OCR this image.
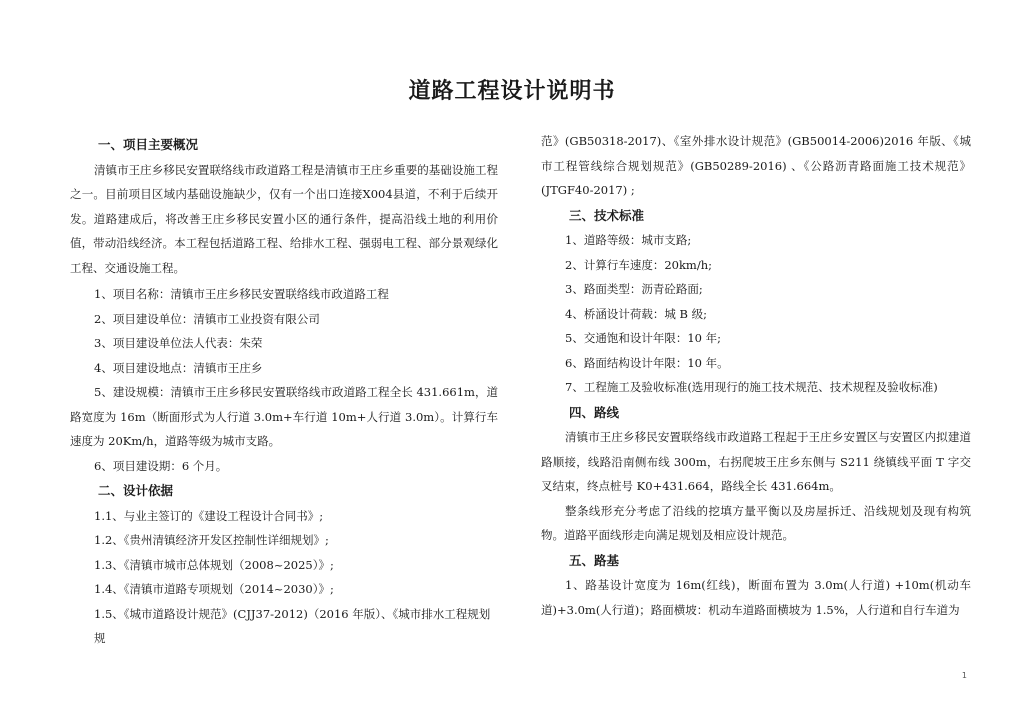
道路工程设计说明书
一、项目主要概况
清镇市王庄乡移民安置联络线市政道路工程是清镇市王庄乡重要的基础设施工程之一。目前项目区域内基础设施缺少，仅有一个出口连接X004县道，不利于后续开发。道路建成后，将改善王庄乡移民安置小区的通行条件，提高沿线土地的利用价值，带动沿线经济。本工程包括道路工程、给排水工程、强弱电工程、部分景观绿化工程、交通设施工程。
1、项目名称：清镇市王庄乡移民安置联络线市政道路工程
2、项目建设单位：清镇市工业投资有限公司
3、项目建设单位法人代表：朱荣
4、项目建设地点：清镇市王庄乡
5、建设规模：清镇市王庄乡移民安置联络线市政道路工程全长 431.661m，道路宽度为 16m（断面形式为人行道 3.0m+车行道 10m+人行道 3.0m）。计算行车速度为 20Km/h，道路等级为城市支路。
6、项目建设期：6 个月。
二、设计依据
1.1、与业主签订的《建设工程设计合同书》;
1.2、《贵州清镇经济开发区控制性详细规划》;
1.3、《清镇市城市总体规划（2008~2025）》;
1.4、《清镇市道路专项规划（2014~2030）》;
1.5、《城市道路设计规范》(CJJ37-2012)（2016 年版）、《城市排水工程规划规
范》(GB50318-2017)、《室外排水设计规范》(GB50014-2006)2016 年版、《城市工程管线综合规划规范》(GB50289-2016) 、《公路沥青路面施工技术规范》(JTGF40-2017) ;
三、技术标准
1、道路等级：城市支路;
2、计算行车速度：20km/h;
3、路面类型：沥青砼路面;
4、桥涵设计荷载：城 B 级;
5、交通饱和设计年限：10 年;
6、路面结构设计年限：10 年。
7、工程施工及验收标准(选用现行的施工技术规范、技术规程及验收标准)
四、路线
清镇市王庄乡移民安置联络线市政道路工程起于王庄乡安置区与安置区内拟建道路顺接，线路沿南侧布线 300m，右拐爬坡王庄乡东侧与 S211 绕镇线平面 T 字交叉结束，终点桩号 K0+431.664，路线全长 431.664m。
整条线形充分考虑了沿线的挖填方量平衡以及房屋拆迁、沿线规划及现有构筑物。道路平面线形走向满足规划及相应设计规范。
五、路基
1、路基设计宽度为 16m(红线)，断面布置为 3.0m(人行道) +10m(机动车道)+3.0m(人行道)；路面横坡：机动车道路面横坡为 1.5%，人行道和自行车道为
1
